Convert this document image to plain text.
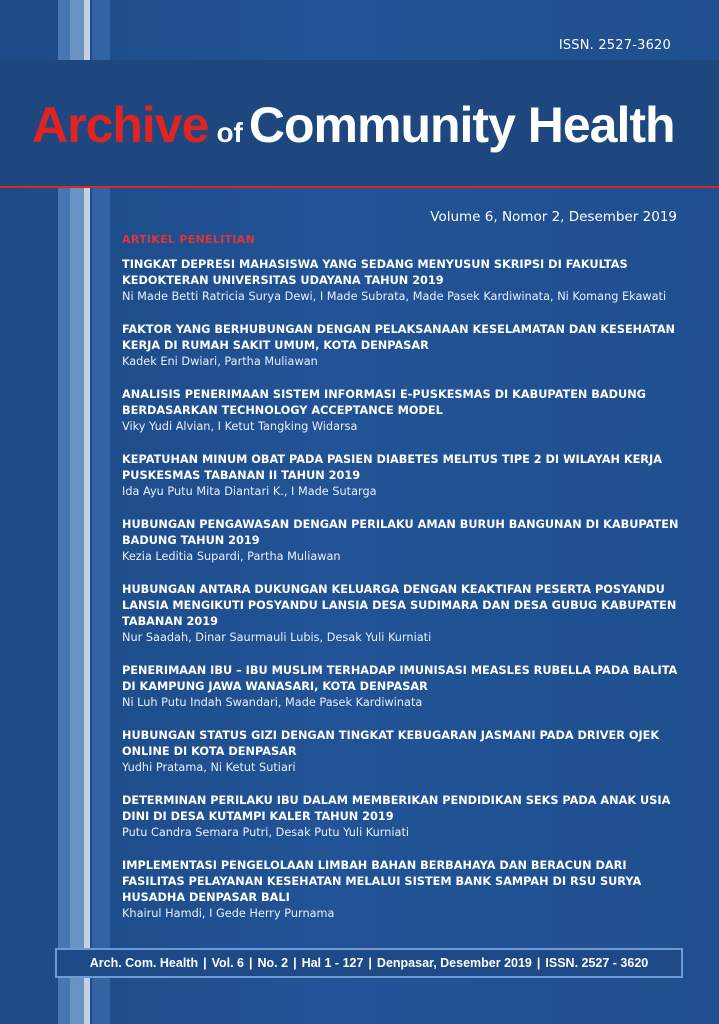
ISSN. 2527-3620
Archive of Community Health
Volume 6, Nomor 2, Desember 2019
ARTIKEL PENELITIAN
TINGKAT DEPRESI MAHASISWA YANG SEDANG MENYUSUN SKRIPSI DI FAKULTAS KEDOKTERAN UNIVERSITAS UDAYANA TAHUN 2019
Ni Made Betti Ratricia Surya Dewi, I Made Subrata, Made Pasek Kardiwinata, Ni Komang Ekawati
FAKTOR YANG BERHUBUNGAN DENGAN PELAKSANAAN KESELAMATAN DAN KESEHATAN KERJA DI RUMAH SAKIT UMUM, KOTA DENPASAR
Kadek Eni Dwiari, Partha Muliawan
ANALISIS PENERIMAAN SISTEM INFORMASI E-PUSKESMAS DI KABUPATEN BADUNG BERDASARKAN TECHNOLOGY ACCEPTANCE MODEL
Viky Yudi Alvian, I Ketut Tangking Widarsa
KEPATUHAN MINUM OBAT PADA PASIEN DIABETES MELITUS TIPE 2 DI WILAYAH KERJA PUSKESMAS TABANAN II TAHUN 2019
Ida Ayu Putu Mita Diantari K., I Made Sutarga
HUBUNGAN PENGAWASAN DENGAN PERILAKU AMAN BURUH BANGUNAN DI KABUPATEN BADUNG TAHUN 2019
Kezia Leditia Supardi, Partha Muliawan
HUBUNGAN ANTARA DUKUNGAN KELUARGA DENGAN KEAKTIFAN PESERTA POSYANDU LANSIA MENGIKUTI POSYANDU LANSIA DESA SUDIMARA DAN DESA GUBUG KABUPATEN TABANAN 2019
Nur Saadah, Dinar Saurmauli Lubis, Desak Yuli Kurniati
PENERIMAAN IBU – IBU MUSLIM TERHADAP IMUNISASI MEASLES RUBELLA PADA BALITA DI KAMPUNG JAWA WANASARI, KOTA DENPASAR
Ni Luh Putu Indah Swandari, Made Pasek Kardiwinata
HUBUNGAN STATUS GIZI DENGAN TINGKAT KEBUGARAN JASMANI PADA DRIVER OJEK ONLINE DI KOTA DENPASAR
Yudhi Pratama, Ni Ketut Sutiari
DETERMINAN PERILAKU IBU DALAM MEMBERIKAN PENDIDIKAN SEKS PADA ANAK USIA DINI DI DESA KUTAMPI KALER TAHUN 2019
Putu Candra Semara Putri, Desak Putu Yuli Kurniati
IMPLEMENTASI PENGELOLAAN LIMBAH BAHAN BERBAHAYA DAN BERACUN DARI FASILITAS PELAYANAN KESEHATAN MELALUI SISTEM BANK SAMPAH DI RSU SURYA HUSADHA DENPASAR BALI
Khairul Hamdi, I Gede Herry Purnama
Arch. Com. Health | Vol. 6 | No. 2 | Hal 1 - 127 | Denpasar, Desember 2019 | ISSN. 2527 - 3620
